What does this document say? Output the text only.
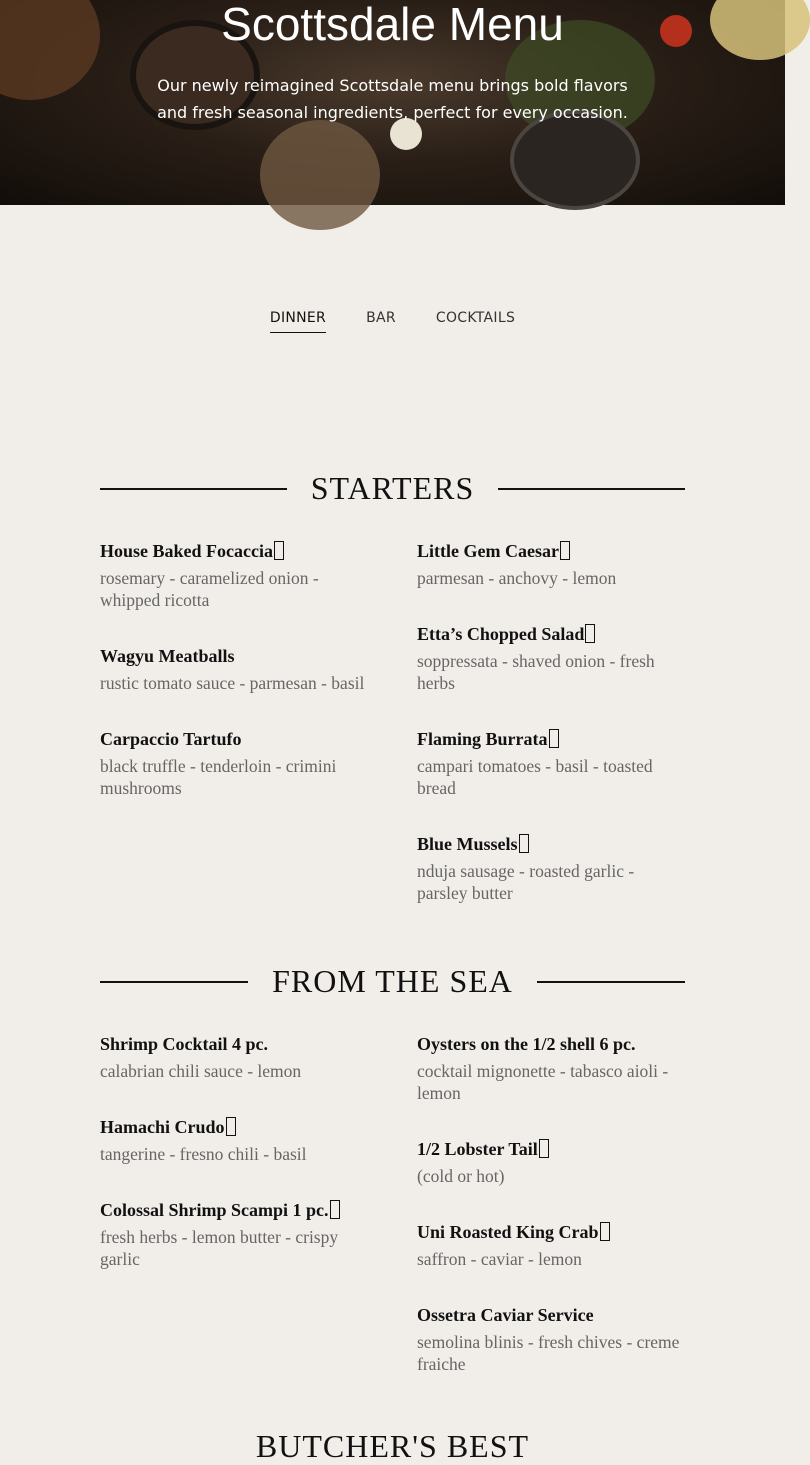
Scottsdale Menu
Our newly reimagined Scottsdale menu brings bold flavors
and fresh seasonal ingredients, perfect for every occasion.
DINNER	BAR	COCKTAILS
STARTERS
House Baked Focaccia
rosemary - caramelized onion - whipped ricotta
Wagyu Meatballs
rustic tomato sauce - parmesan - basil
Carpaccio Tartufo
black truffle - tenderloin - crimini mushrooms
Little Gem Caesar
parmesan - anchovy - lemon
Etta’s Chopped Salad
soppressata - shaved onion - fresh herbs
Flaming Burrata
campari tomatoes - basil - toasted bread
Blue Mussels
nduja sausage - roasted garlic - parsley butter
FROM THE SEA
Shrimp Cocktail 4 pc.
calabrian chili sauce - lemon
Hamachi Crudo
tangerine - fresno chili - basil
Colossal Shrimp Scampi 1 pc.
fresh herbs - lemon butter - crispy garlic
Oysters on the 1/2 shell 6 pc.
cocktail mignonette - tabasco aioli - lemon
1/2 Lobster Tail
(cold or hot)
Uni Roasted King Crab
saffron - caviar - lemon
Ossetra Caviar Service
semolina blinis - fresh chives - creme fraiche
BUTCHER'S BEST
